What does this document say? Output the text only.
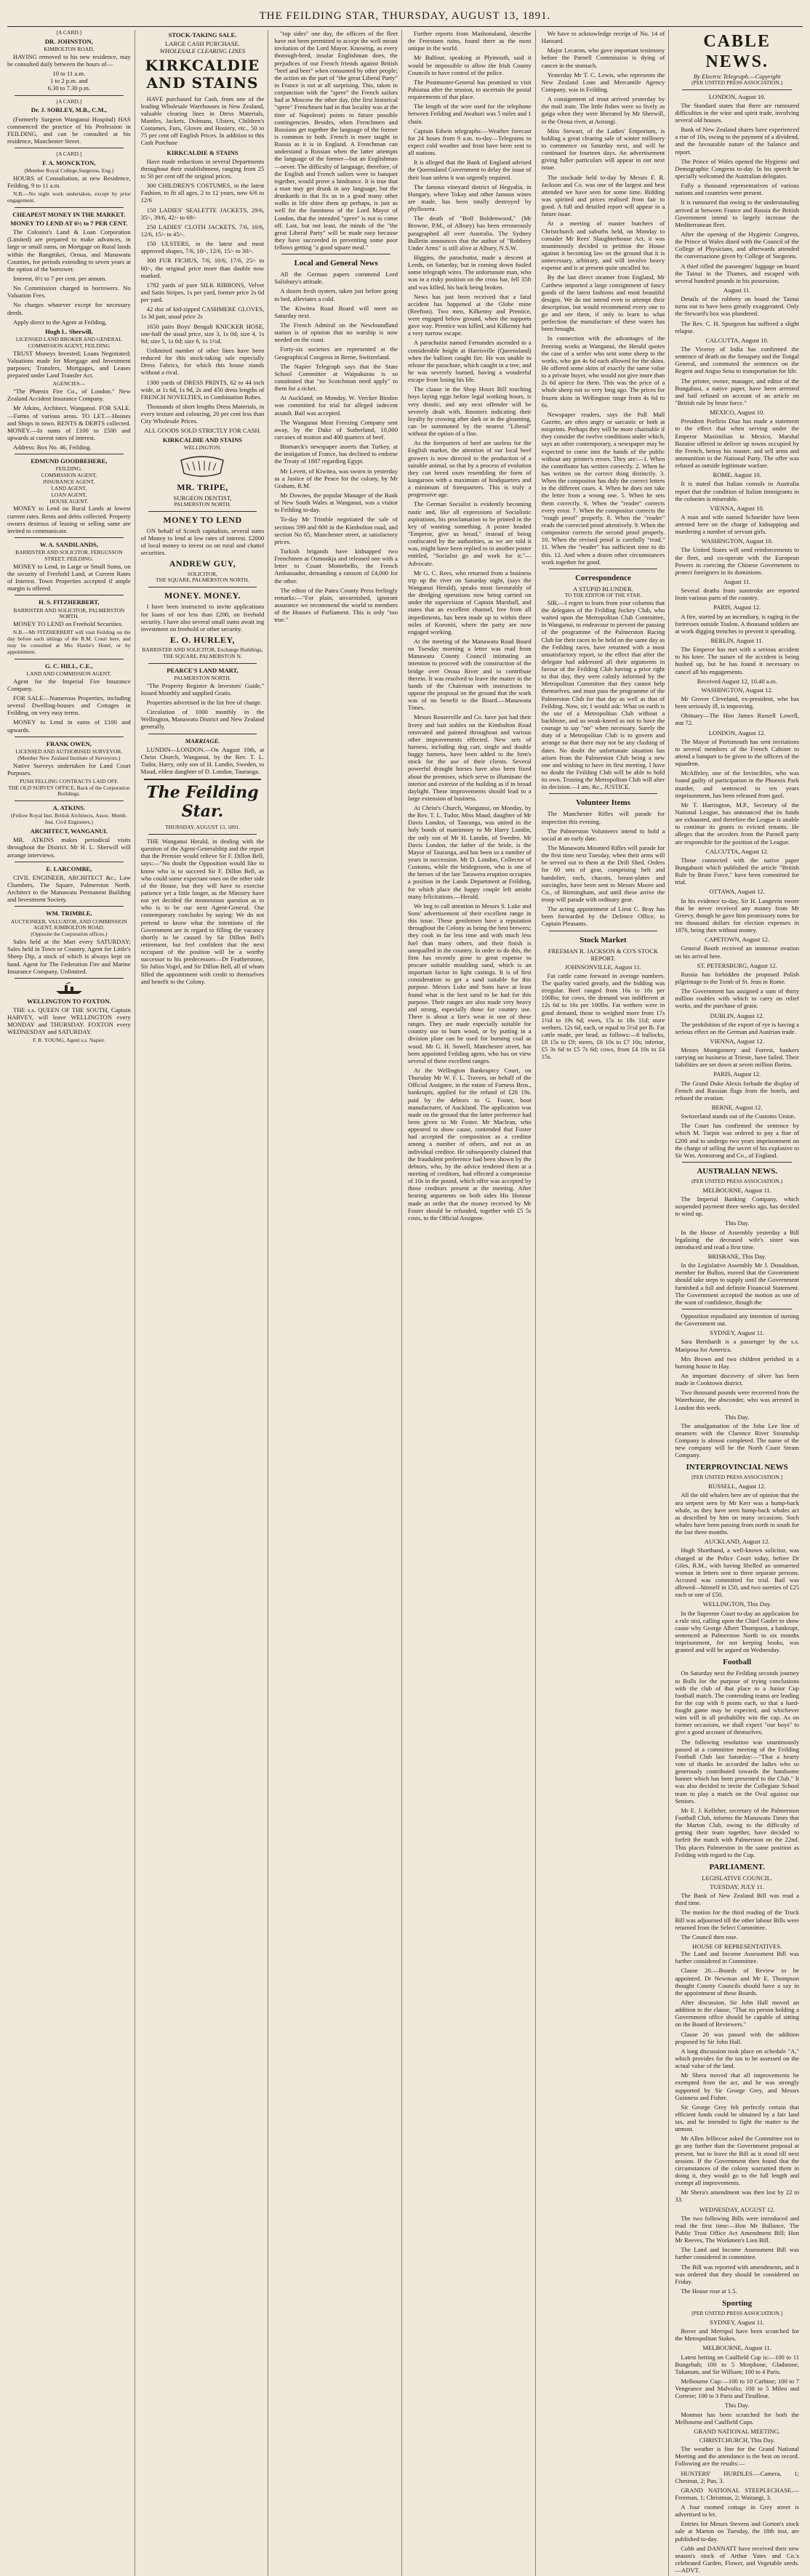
THE FEILDING STAR, THURSDAY, AUGUST 13, 1891.
[A CARD.]
DR. JOHNSTON,
KIMBOLTON ROAD,

HAVING removed to his new residence, may be consulted daily between the hours of—

10 to 11 a.m.
1 to 2 p.m. and
6.30 to 7.30 p.m.
[A CARD.]
Dr. J. SORLEY, M.B., C.M.,

(Formerly Surgeon Wanganui Hospital) HAS commenced the practice of his Profession in FEILDING, and can be consulted at his residence, Manchester Street.

[A CARD.]
F. A. MONCKTON,
(Member Royal College,Surgeons, Eng.)

HOURS of Consultation, at new Residence, Feilding, 9 to 11 a.m.

N.B.—No night work undertaken, except by prior engagement.

CHEAPEST MONEY IN THE MARKET.
MONEY TO LEND AT 6½ to 7 PER CENT.

The Colonist's Land & Loan Corporation (Limited) are prepared to make advances, in large or small sums, on Mortgage on Rural lands within the Rangitikei, Oroua, and Manawatu Counties, for periods extending to seven years at the option of the borrower.

Interest, 6½ to 7 per cent. per annum.

No Commission charged to borrowers. No Valuation Fees.

No charges whatever except for necessary deeds.

Apply direct to the Agent at Feilding,

Hugh L. Sherwill,
LICENSED LAND BROKER AND GENERAL COMMISSION AGENT, FEILDING

TRUST Moneys Invested; Loans Negotiated; Valuations made for Mortgage and Investment purposes; Transfers, Mortgages, and Leases prepared under Land Transfer Act.

AGENCIES—

"The Phœnix Fire Co., of London." New Zealand Accident Insurance Company.

Mr Atkins, Architect, Wanganui. FOR SALE.—Farms of various areas. TO LET.—Houses and Shops in town. RENTS & DEBTS collected. MONEY.—In sums of £100 to £500 and upwards at current rates of interest.

Address: Box No. 46, Feilding.

EDMUND GOODBEHERE,
FEILDING.
COMMISSION AGENT,
INSURANCE AGENT,
LAND AGENT,
LOAN AGENT,
HOUSE AGENT.

MONEY to Lend on Rural Lands at lowest current rates. Rents and debts collected. Property owners desirous of leasing or selling same are invited to communicate.

W. A. SANDILANDS,
BARRISTER AND SOLICITOR, FERGUSSON STREET, FEILDING.

MONEY to Lend, in Large or Small Sums, on the security of Freehold Land, at Current Rates of Interest. Town Properties accepted if ample margin is offered.

H. S. FITZHERBERT,
BARRISTER AND SOLICITOR, PALMERSTON NORTH.

MONEY TO LEND on Freehold Securities.

N.B.—Mr FITZHERBERT will visit Feilding on the day before each sittings of the R.M. Court here, and may be consulted at Mrs Hastie's Hotel, or by appointment.

G. C. HILL, C.E.,
LAND AND COMMISSION AGENT.

Agent for the Imperial Fire Insurance Company.

FOR SALE—Numerous Properties, including several Dwelling-houses and Cottages in Feilding, on very easy terms.

MONEY to Lend in sums of £100 and upwards.

FRANK OWEN,
LICENSED AND AUTHORISED SURVEYOR.
(Member New Zealand Institute of Surveyors.)

Native Surveys undertaken for Land Court Purposes.

PUSH FELLING CONTRACTS LAID OFF.
THE OLD SURVEY OFFICE, Back of the Corporation Buildings.
A. ATKINS.
(Fellow Royal Inst. British Architects, Assoc. Memb. Inst. Civil Engineers.)
ARCHITECT, WANGANUI.

MR. ATKINS makes periodical visits throughout the District. Mr H. L. Sherwill will arrange interviews.

E. LARCOMBE,

CIVIL ENGINEER, ARCHITECT &c., Law Chambers, The Square, Palmerston North. Architect to the Manawatu Permanent Building and Investment Society.

WM. TRIMBLE,
AUCTIONEER, VALUATOR, AND COMMISSION AGENT, KIMBOLTON ROAD.
(Opposite the Corporation offices.)

Sales held at the Mart every SATURDAY; Sales held in Town or Country. Agent for Little's Sheep Dip, a stock of which is always kept on hand. Agent for The Federation Fire and Marine Insurance Company, Unlimited.

WELLINGTON TO FOXTON.

THE s.s. QUEEN OF THE SOUTH, Captain HARVEY, will leave WELLINGTON every MONDAY and THURSDAY. FOXTON every WEDNESDAY and SATURDAY.

F. R. YOUNG, Agent s.s. Napier.
STOCK-TAKING SALE.
LARGE CASH PURCHASE.
WHOLESALE CLEARING LINES
KIRKCALDIE AND STAINS

HAVE purchased for Cash, from one of the leading Wholesale Warehouses in New Zealand, valuable clearing lines in Dress Materials, Mantles, Jackets, Dolmans, Ulsters, Children's Costumes, Furs, Gloves and Hosiery, etc., 50 to 75 per cent off English Prices. In addition to this Cash Purchase

KIRKCALDIE & STAINS

Have made reductions in several Departments throughout their establishment, ranging from 25 to 50 per cent off the original prices.

300 CHILDREN'S COSTUMES, in the latest Fashion, to fit all ages, 2 to 12 years, now 6/6 to 12/6

150 LADIES' SEALETTE JACKETS, 29/6, 35/-, 39/6, 42/- to 69/-

250 LADIES' CLOTH JACKETS, 7/6, 10/6, 12/6, 15/- to 45/-.

150 ULSTERS, in the latest and most approved shapes, 7/6, 10/-, 12/6, 15/- to 30/-.

300 FUR FICHUS, 7/6, 10/6, 17/6, 25/- to 60/-, the original price more than double now marked.

1782 yards of pure SILK RIBBONS, Velvet and Satin Stripes, 1s per yard, former price 2s 6d per yard.

42 doz of kid-zipped CASHMERE GLOVES, 1s 3d pair, usual price 2s

1650 pairs Boys' Bengali KNICKER HOSE, one-half the usual price, size 3, 1s 0d; size 4, 1s 9d; size 5, 1s 0d; size 6, 1s 1½d.

Unlimited number of other lines have been reduced for this stock-taking sale especially Dress Fabrics, for which this house stands without a rival.

1300 yards of DRESS PRINTS, 62 to 44 inch wide, at 1s 6d, 1s 9d, 2s and 450 dress lengths of FRENCH NOVELTIES, in Combination Robes.

Thousands of short lengths Dress Materials, in every texture and colouring, 20 per cent less than City Wholesale Prices.

ALL GOODS SOLD STRICTLY FOR CASH.
KIRKCALDIE AND STAINS
WELLINGTON.
MR. TRIPE,
SURGEON DENTIST,
PALMERSTON NORTH.
MONEY TO LEND

ON behalf of Scotch capitalists, several sums of Money to lend at low rates of interest. £2000 of local money to invest on on rural and chattel securities.

ANDREW GUY,
SOLICITOR,
THE SQUARE, PALMERSTON NORTH.
MONEY. MONEY.

I have been instructed to invite applications for loans of not less than £200, on freehold security. I have also several small sums await ing investment on freehold or other security.

E. O. HURLEY,
BARRISTER AND SOLICITOR, Exchange Buildings, THE SQUARE, PALMERSTON N.
PEARCE'S LAND MART,
PALMERSTON NORTH.

"The Property Register & Investors' Guide," Issued Monthly and supplied Gratis.

Properties advertised in the list free of charge.

Circulation of 1000 monthly in the Wellington, Manawatu District and New Zealand generally.

MARRIAGE.

LUNDIN—LONDON.—On August 10th, at Christ Church, Wanganui, by the Rev. T. L. Tudor, Harry, only son of H. Lundin, Sweden, to Maud, eldest daughter of D. London, Tauranga.

The Feilding Star.
THURSDAY, AUGUST 13, 1891.

THE Wanganui Herald, in dealing with the question of the Agent-Generalship and the report that the Premier would relieve Sir F. Dillon Bell, says:—"No doubt the Opposition would like to know who is to succeed Sir F. Dillon Bell, as who could some expectant ones on the other side of the House, but they will have to exercise patience yet a little longer, as the Ministry have not yet decided the momentous question as to who is to be our next Agent-General. Our contemporary concludes by saying: We do not pretend to know what the intentions of the Government are in regard to filling the vacancy shortly to be caused by Sir Dillon Bell's retirement, but feel confident that the next occupant of the position will be a worthy successor to his predecessors—Dr Featherstone, Sir Julius Vogel, and Sir Dillon Bell, all of whom filled the appointment with credit to themselves and benefit to the Colony.

"top sides" one day, the officers of the fleet have not been permitted to accept the well meant invitation of the Lord Mayor. Knowing, as every thorough-bred, insular Englishman does, the prejudices of our French friends against British "beef and beer" when consumed by other people; the action on the part of "the great Liberal Party" in France is not at all surprising. This, taken in conjunction with the "spree" the French sailors had at Moscow the other day, (the first historical "spree" Frenchmen had in that locality was at the time of Napoleon) points to future possible contingencies. Besides, when Frenchmen and Russians get together the language of the former is common to both. French is more taught in Russia as it is in England. A Frenchman can understand a Russian when the latter attempts the language of the former—but an Englishman—never. The difficulty of language, therefore, of the English and French sailors were to banquet together, would prove a hindrance. It is true that a man may get drunk in any language, but the drunkards in that fix as in a good many other walks in life shine them up perhaps, is just as well for the funniness of the Lord Mayor of London, that the intended "spree" is not to come off. Last, but not least, the minds of the "the great Liberal Party" will be made easy because they have succeeded in preventing some poor fellows getting "a good square meal."

Local and General News

All the German papers commend Lord Salisbury's attitude.

A dozen fresh oysters, taken just before going to bed, alleviates a cold.

The Kiwitea Road Board will meet on Saturday next.

The French Admiral on the Newfoundland station is of opinion that no warship is now needed on the coast.

Forty-six societies are represented at the Geographical Congress in Berne, Switzerland.

The Napier Telegraph says that the State School Committee at Waipukurau is so constituted that "no Scotchman need apply" to them for a ticket.

At Auckland, on Monday, W. Vercker Bindon was committed for trial for alleged indecent assault. Bail was accepted.

The Wanganui Meat Freezing Company sent away, by the Duke of Sutherland, 10,000 carcases of mutton and 400 quarters of beef.

Bismarck's newspaper asserts that Turkey, at the instigation of France, has declined to endorse the Treaty of 1887 regarding Egypt.

Mr Levett, of Kiwitea, was sworn in yesterday as a Justice of the Peace for the colony, by Mr Graham, R.M.

Mr Downes, the popular Manager of the Bank of New South Wales at Wanganui, was a visitor to Feilding to-day.

To-day Mr Trimble negotiated the sale of sections 599 and 600 in the Kimbolton road, and section No 65, Manchester street, at satisfactory prices.

Turkish brigands have kidnapped two Frenchmen at Osmonkja and released one with a letter to Count Montebello, the French Ambassador, demanding a ransom of £4,000 for the other.

The editor of the Patea County Press feelingly remarks:—"For plain, unvarnished, ignorant assurance we recommend the world to members of the Houses of Parliament. This is only "too true."

Further reports from Mashonaland, describe the Freestoen ruins, found there as the most unique in the world.

Mr Balfour, speaking at Plymouth, said it would be impossible to allow the Irish County Councils to have control of the police.

The Postmaster-General has promised to visit Pahiatua after the session, to ascertain the postal requirements of that place.

The length of the wire used for the telephone between Feilding and Awahuri was 5 miles and 1 chain.

Captain Edwin telegraphs:—Weather forecast for 24 hours from 9 a.m. to-day—Telegrams to expect cold weather and frost have been sent to all stations.

It is alleged that the Bank of England advised the Queensland Government to delay the issue of their loan unless it was urgently required.

The famous vineyard district of Hegyalia, in Hungary, where Tokay and other famous wines are made, has been totally destroyed by phylloxera.

The death of "Bolf Boldenwood," (Mr Browne, P.M., of Albury) has been erroneously paragraphed all over Australia. The Sydney Bulletin announces that the author of "Robbery Under Arms" is still alive at Albury, N.S.W.

Higgins, the parachutist, made a descent at Leeds, on Saturday, but in coming down fouled some telegraph wires. The unfortunate man, who was in a risky position on the cross bar, fell 35ft and was killed, his back being broken.

News has just been received that a fatal accident has happened at the Globe mine (Reefton). Two men, Kilkenny and Prentice, were engaged below ground, when the supports gave way. Prentice was killed, and Kilkenny had a very narrow escape.

A parachutist named Fernandes ascended to a considerable height at Harrisville (Queensland) when the balloon caught fire. He was unable to release the parachute, which caught in a tree, and he was severely burned, having a wonderful escape from losing his life.

The clause in the Shop Hours Bill touching boys laying eggs before legal working hours, is very drastic, and any next offender will be severely dealt with. Roosters indicating their loyalty by crowing after dark or in the gloaming, can be summoned by the nearest "Liberal" without the option of a fine.

As the foreparters of beef are useless for the English market, the attention of our local beef growers is now directed to the production of a suitable animal, so that by a process of evolution they can breed oxen resembling the form of kangaroos with a maximum of hindquarters and a minimum of forequarters. This is truly a progressive age.

The German Socialist is evidently becoming rustic and, like all expressions of Socialistic aspirations, his proclamation to be printed in the key of wanting something. A poster headed "Emperor, give us bread," instead of being confiscated by the authorities, as we are told it was, might have been replied to in another poster entitled, "Socialist go and work for it."—Advocate.

Mr G. C. Rees, who returned from a business trip up the river on Saturday night, (says the Wanganui Herald), speaks most favourably of the dredging operations now being carried on under the supervision of Captain Marshall, and states that an excellent channel, free from all impediments, has been made up to within three miles of Koroniti, where the party are now engaged working.

At the meeting of the Manawatu Road Board on Tuesday morning a letter was read from Manawatu County Council intimating an intention to proceed with the construction of the bridge over Oroua River and to contribute therein. It was resolved to leave the matter in the hands of the Chairman with instructions to oppose the proposal on the ground that the work was of no benefit to the Board.—Manawatu Times.

Messrs Rosserville and Co. have just had their livery and bait stables on the Kimbolton Road renovated and painted throughout and various other improvements effected. New sets of harness, including dog cart, single and double buggy harness, have been added to the firm's stock for the use of their clients. Several powerful draught horses have also been fixed about the premises, which serve to illuminate the interior and exterior of the building as if in broad daylight. These improvements should lead to a large extension of business.

At Christ's Church, Wanganui, on Monday, by the Rev. T. L. Tudor, Miss Maud, daughter of Mr Davis London, of Tauranga, was united in the holy bonds of matrimony to Mr Harry Lundin, the only son of Mr H. Lundin, of Sweden. Mr Davis London, the father of the bride, is the Mayor of Tauranga, and has been so a number of years in succession. Mr D. London, Collector of Customs, while the bridegroom, who is one of the heroes of the late Tarawera eruption occupies a position in the Lands Department at Feilding, for which place the happy couple left amidst many felicitations.—Herald.

We beg to call attention to Messrs S. Luke and Sons' advertisement of their excellent range in this issue. These gentlemen have a reputation throughout the Colony as being the best brewers; they cook in far less time and with much less fuel than many others, and their finish is unequalled in the country. In order to do this, the firm has recently gone to great expense to procure suitable moulding sand, which is an important factor in light castings. It is of first consideration to get a sand suitable for this purpose. Messrs Luke and Sons have at least found what is the best sand to be had for this purpose. Their ranges are also made very heavy and strong, especially those for country use. There is about a fire's wear in one of these ranges. They are made especially suitable for country use to burn wood, or by putting in a division plate can be used for burning coal as wood. Mr G. H. Sowell, Manchester street, has been appointed Feilding agent, who has on view several of these excellent ranges.

At the Wellington Bankruptcy Court, on Thursday Mr W. F. L. Travers, on behalf of the Official Assignee, in the estate of Furness Bros., bankrupts, applied for the refund of £28 19s. paid by the debtors to G. Foster, boot manufacturer, of Auckland. The application was made on the ground that the latter preference had been given to Mr Foster. Mr Maclean, who appeared to show cause, contended that Foster had accepted the composition as a creditor among a number of others, and not as an individual creditor. He subsequently claimed that the fraudulent preference had been shown by the debtors, who, by the advice tendered them at a meeting of creditors, had effected a compromise of 10s in the pound, which offer was accepted by those creditors present at the meeting. After hearing arguments on both sides His Honour made an order that the money received by Mr Foster should be refunded, together with £5 5s costs, to the Official Assignee.

We have to acknowledge receipt of No. 14 of Hansard.

Major Lecaron, who gave important testimony before the Parnell Commission is dying of cancer in the stomach.

Yesterday Mr T. C. Lewis, who represents the New Zealand Loan and Mercantile Agency Company, was in Feilding.

A consignment of trout arrived yesterday by the mail train. The little fishes were so lively as gaiga when they were liberated by Mr Sherwill, in the Oroua river, at Aorangi.

Miss Stewart, of the Ladies' Emporium, is holding a great clearing sale of winter millinery to commence on Saturday next, and will be continued for fourteen days. An advertisement giving fuller particulars will appear in our next issue.

The stockade held to-day by Messrs F. R. Jackson and Co. was one of the largest and best attended we have seen for some time. Bidding was spirited and prices realised from fair to good. A full and detailed report will appear in a future issue.

At a meeting of master butchers of Christchurch and suburbs held, on Monday to consider Mr Rees' Slaughterhouse Act, it was unanimously decided to petition the House against it becoming law on the ground that it is unnecessary, arbitrary, and will involve heavy expense and is at present quite uncalled for.

By the last direct steamer from England, Mr Carthew imported a large consignment of fancy goods of the latest fashions and most beautiful designs. We do not intend even to attempt their description, but would recommend every one to go and see them, if only to learn to what perfection the manufacture of these wares has been brought.

In connection with the advantages of the freezing works at Wanganui, the Herald quotes the case of a settler who sent some sheep to the works, who got 4s 6d each allowed for the skins. He offered some skins of exactly the same value to a private buyer, who would not give more than 2s 6d apiece for them. This was the price of a whole sheep not so very long ago. The prices for frozen skins in Wellington range from 4s 6d to 6s.

Newspaper readers, says the Pall Mall Gazette, are often angry or sarcastic or both at misprints. Perhaps they will be more charitable if they consider the twelve conditions under which, says an other contemporary, a newspaper may be expected to come into the hands of the public without any printer's errors. They are:—1. When the contributor has written correctly. 2. When he has written on the correct thing distinctly. 3. When the compositor has duly the correct letters in the different cases. 4. When he does not take the letter from a wrong one. 5. When he sets them correctly. 6. When the "reader" corrects every error. 7. When the compositor corrects the "rough proof" properly. 8. When the "reader" reads the corrected proof attentively. 9. When the compositor corrects the second proof properly. 10. When the revised proof is carefully "read." 11. When the "reader" has sufficient time to do this. 12. And when a dozen other circumstances work together for good.

Correspondence
A STUPID BLUNDER.
TO THE EDITOR OF THE STAR.

SIR,—I regret to learn from your columns that the delegates of the Feilding Jockey Club, who waited upon the Metropolitan Club Committee, in Wanganui, to endeavour to prevent the passing of the programme of the Palmerston Racing Club for their races to be held on the same day as the Feilding races, have returned with a most unsatisfactory report, to the effect that after the delegate had addressed all their arguments in favour of the Feilding Club having a prior right to that day, they were calmly informed by the Metropolitan Committee that they cannot help themselves, and must pass the programme of the Palmerston Club for that day as well as that of Feilding. Now, sir, I would ask: What on earth is the use of a Metropolitan Club without a backbone, and so weak-kneed as not to have the courage to say "no" when necessary. Surely the duty of a Metropolitan Club is to govern and arrange so that there may not be any clashing of dates. No doubt the unfortunate situation has arisen from the Palmerston Club being a new one and wishing to have its first meeting. I have no doubt the Feilding Club will be able to hold its own. Trusting the Metropolitan Club will alter its decision.—I am, &c., JUSTICE.

Volunteer Items

The Manchester Rifles will parade for inspection this evening.

The Palmerston Volunteers intend to hold a social at an early date.

The Manawatu Mounted Rifles will parade for the first time next Tuesday, when their arms will be served out to them at the Drill Shed. Orders for 60 sets of gear, comprising belt and bandolier, each, chacots, breast-plates and surcingles, have been sent to Messrs Moore and Co., of Birmingham, and until these arrive the troop will parade with ordinary gear.

The acting appointment of Lieut C. Bray has been forwarded by the Defence Office, to Captain Pleasants.

Stock Market
FREEMAN R. JACKSON & CO'S STOCK REPORT.
JOHNSONVILLE, August 11.

Fat cattle came forward in average numbers. The quality varied greatly, and the bidding was irregular. Beef ranged from 16s to 18s per 100lbs; for cows, the demand was indifferent at 12s 6d to 16s per 100lbs. Fat wethers were in good demand, those to weighed more from 17s 1½d to 19s 6d; ewes, 15s to 18s 11d; store wethers, 12s 6d, each, or equal to 5½d per lb. Fat cattle made, per head, as follows:—8 bullocks, £8 15s to £9; steers, £6 10s to £7 10s; inferior, £5 3s 6d to £5 7s 6d; cows, from £4 10s to £4 15s.

CABLE NEWS.
By Electric Telegraph.—Copyright
(PER UNITED PRESS ASSOCIATION.)
LONDON, August 10.

The Standard states that there are rumoured difficulties in the wine and spirit trade, involving several old houses.

Bank of New Zealand shares have experienced a rise of 10s, owing to the payment of a dividend, and the favourable nature of the balance and report.

The Prince of Wales opened the Hygienic and Demographic Congress to-day. In his speech he specially welcomed the Australian delegates.

Fully a thousand representatives of various nations and countries were present.

It is rumoured that owing to the understanding arrived at between France and Russia the British Government intend to largely increase the Mediterranean fleet.

After the opening of the Hygienic Congress, the Prince of Wales dined with the Council of the College of Physicians, and afterwards attended the conversazione given by College of Surgeons.

A thief rifled the passengers' luggage on board the Tainui in the Thames, and escaped with several hundred pounds in his possession.

August 11.

Details of the robbery on board the Tainui turns out to have been greatly exaggerated. Only the Steward's box was plundered.

The Rev. C. H. Spurgeon has suffered a slight relapse.

CALCUTTA, August 10.

The Viceroy of India has confirmed the sentence of death on the Senapaty and the Tongal General, and commuted the sentences on the Regent and Angso Sena to transportation for life.

The printer, owner, manager, and editor of the Bungabasi, a native paper, have been arrested and bail refused on account of an article on "British rule by brute force."

MEXICO, August 10.

President Porfirio Diaz has made a statement to the effect that when serving under the Emperor Maximilian in Mexico, Marshal Bazaine offered to deliver up towns occupied by the French, betray his master, and sell arms and ammunition to the National Party. The offer was refused as outside legitimate warfare.

ROME, August 10.

It is stated that Italian consuls in Australia report that the condition of Italian immigrants in the colonies is miserable.

VIENNA, August 10.

A man and wife named Schneider have been arrested here on the charge of kidnapping and murdering a number of servant girls.

WASHINGTON, August 10.

The United States will send reinforcements to the fleet, and co-operate with the European Powers in coercing the Chinese Government to protect foreigners in its dominions.

August 11.

Several deaths from sunstroke are reported from various parts of the country.

PARIS, August 12.

A fire, started by an incendiary, is raging in the fortresses outside Toulon. A thousand soldiers are at work digging trenches to prevent it spreading.

BERLIN, August 11.

The Emperor has met with a serious accident to his knee. The nature of the accident is being hushed up, but he has found it necessary to cancel all his engagements.

Received August 12, 10.40 a.m.
WASHINGTON, August 12.

Mr Grover Cleveland, ex-president, who has been seriously ill, is improving.

Obituary—The Hon James Russell Lowell, æat 72.

LONDON, August 12.

The Mayor of Portsmouth has sent invitations to several members of the French Cabinet to attend a banquet to be given to the officers of the squadron.

McAffeley, one of the Invincibles, who was found guilty of participation in the Phoenix Park murder, and sentenced to ten years imprisonment, has been released from gaol.

Mr T. Harrington, M.P., Secretary of the National League, has announced that its funds are exhausted, and therefore the League is unable to continue its grants to evicted tenants. He alleges that the seceders from the Parnell party are responsible for the position of the League.

CALCUTTA, August 12.

Those connected with the native paper Bungabasti which published the article "British Rule by Brute Force," have been committed for trial.

OTTAWA, August 12.

In his evidence to-day, Sir H. Langevin swore that he never received any money from Mr Greevy, though he gave him promissory notes for ten thousand dollars for election expenses in 1876, being then without money.

CAPETOWN, August 12.

General Booth received an immense ovation on his arrival here.

ST. PETERSBURG, August 12.

Russia has forbidden the proposed Polish pilgrimage to the Tomb of St. Jean in Rome.

The Government has assigned a sum of thirty million roubles with which to carry on relief works, and the purchase of grain.

DUBLIN, August 12.

The prohibition of the export of rye is having a serious effect on the German and Austrian trade.

VIENNA, August 12.

Messrs Montgomery and Forrest, bankers carrying on business at Trieste, have failed. Their liabilities are set down at seven million florins.

PARIS, August 12.

The Grand Duke Alexis forbade the display of French and Russian flags from the hotels, and refused the ovation.

BERNE, August 12.

Switzerland stands out of the Customs Union.

The Court has confirmed the sentence by which M. Turpin was ordered to pay a fine of £200 and to undergo two years imprisonment on the charge of selling the secret of his explosive to Sir Wm. Armstrong and Co., of England.

AUSTRALIAN NEWS.
(PER UNITED PRESS ASSOCIATION.)
MELBOURNE, August 11.

The Imperial Banking Company, which suspended payment three weeks ago, has decided to wind up.

This Day.

In the House of Assembly yesterday a Bill legalising the deceased wife's sister was introduced and read a first time.

BRISBANE, This Day.

In the Legislative Assembly Mr J. Donaldson, member for Bulloo, moved that the Government should take steps to supply until the Government furnished a full and definite Financial Statement. The Government accepted the motion as one of the want of confidence, though the

Opposition repudiated any intention of turning the Government out.

SYDNEY, August 11.

Sara Bernhardt is a passenger by the s.s. Mariposa for America.

Mrs Brown and two children perished in a burning house in Hay.

An important discovery of silver has been made in Cooktown district.

Two thousand pounds were recovered from the Waterhouse, the absconder, who was arrested in London this week.

This Day.

The amalgamation of the John Lee line of steamers with the Clarence River Steamship Company is almost completed. The name of the new company will be the North Coast Steam Company.

INTERPROVINCIAL NEWS
[PER UNITED PRESS ASSOCIATION.]
RUSSELL, August 12.

All the old whalers here are of opinion that the sea serpent seen by Mr Kerr was a hump-back whale, as they have seen hump-back whales act as described by him on many occasions. Such whales have been passing from north to south for the last three months.

AUCKLAND, August 12.

Hugh Shorthand, a well-known solicitor, was charged at the Police Court today, before Dr Giles, R.M., with having libelled an unmarried woman in letters sent to three separate persons. Accused was committed for trial. Bail was allowed—himself in £50, and two sureties of £25 each or one of £50.

WELLINGTON, This Day.

In the Supreme Court to-day an application for a rule nisi, calling upon the Chief Gaoler to show cause why George Albert Thompson, a bankrupt, sentenced at Palmerston North to six months imprisonment, for not keeping books, was granted and will be argued on Wednesday.

Football

On Saturday next the Feilding seconds journey to Bulls for the purpose of trying conclusions with the club of that place in a Junior Cup football match. The contending teams are leading for the cup with 8 points each, so that a hard-fought game may be expected, and whichever wins will in all probability win the cup. As on former occasions, we shall expect "our boys" to give a good account of themselves.

The following resolution was unanimously passed at a committee meeting of the Feilding Football Club last Saturday:—"That a hearty vote of thanks be accorded the ladies who so generously contributed towards the handsome banner which has been presented to the Club." It was also decided to invite the Collegiate School team to play a match on the Oval against our Seniors.

Mr E. J. Kelleher, secretary of the Palmerston Football Club, informs the Manawatu Times that the Marton Club, owing to the difficulty of getting their team together, have decided to forfeit the match with Palmerston on the 22nd. This places Palmerston in the same position as Feilding with regard to the Cup.

PARLIAMENT.
LEGISLATIVE COUNCIL.
TUESDAY, JULY 11.

The Bank of New Zealand Bill was read a third time.

The motion for the third reading of the Truck Bill was adjourned till the other labour Bills were returned from the Select Committee.

The Council then rose.

HOUSE OF REPRESENTATIVES.

The Land and Income Assessment Bill was further considered in Committee.

Clause 20.—Boards of Review to be appointed. Dr Newman and Mr E. Thompson thought County Councils should have a say in the appointment of these Boards.

After discussion, Sir John Hall moved an addition to the clause, "That no person holding a Government office should be capable of sitting on the Board of Reviewers."

Clause 20 was passed with the addition proposed by Sir John Hall.

A long discussion took place on schedule "A," which provides for the tax to be assessed on the actual value of the land.

Mr Shera moved that all improvements be exempted from the act, and he was strongly supported by Sir George Grey, and Messrs Guinness and Fisher.

Sir George Grey felt perfectly certain that efficient funds could be obtained by a fair land tax, and he intended to fight the matter to the utmost.

Mr Allen Jelliecoe asked the Committee not to go any further than the Government proposal at present, but to leave the Bill as it stood till next session. If the Government then found that the circumstances of the colony warranted them in doing it, they would go to the full length and exempt all improvements.

Mr Shera's amendment was then lost by 22 to 33.

WEDNESDAY, AUGUST 12.

The two following Bills were introduced and read the first time:—Hon Mr Ballance, The Public Trust Office Act Amendment Bill; Hon Mr Reeves, The Workmen's Lien Bill.

The Land and Income Assessment Bill was further considered in committee.

The Bill was reported with amendments, and it was ordered that they should be considered on Friday.

The House rose at 1.5.

Sporting
[PER UNITED PRESS ASSOCIATION.]
SYDNEY, August 11.

Bover and Merripol have been scratched for the Metropolitan Stakes.

MELBOURNE, August 11.

Latest betting on Caulfield Cup is:—100 to 11 Bungebah; 100 to 5 Morphone, Gladstone, Tukanum, and Sir William; 100 to 4 Paris.

Melbourne Cup:—100 to 10 Carbine; 100 to 7 Vengeance and Malvolio; 100 to 5 Mileo and Correze; 100 to 3 Paris and Tirailleur.

This Day.

Monmot has been scratched for both the Melbourne and Caulfield Cups.

GRAND NATIONAL MEETING.
CHRISTCHURCH, This Day.

The weather is fine for the Grand National Meeting and the attendance is the best on record. Following are the results:—

HUNTERS' HURDLES.—Camera, 1; Chestnut, 2; Pan, 3.

GRAND NATIONAL STEEPLECHASE.—Freeman, 1; Christmas, 2; Waitangi, 3.

A four roomed cottage in Grey street is advertised to let.

Entries for Messrs Stevens and Gorton's stock sale at Marton on Tuesday, the 18th inst, are published to-day.

Cobb and DANNATT have received their new season's stock of Arthur Yates and Co.'s celebrated Garden, Flower, and Vegetable seeds.—ADVT.
